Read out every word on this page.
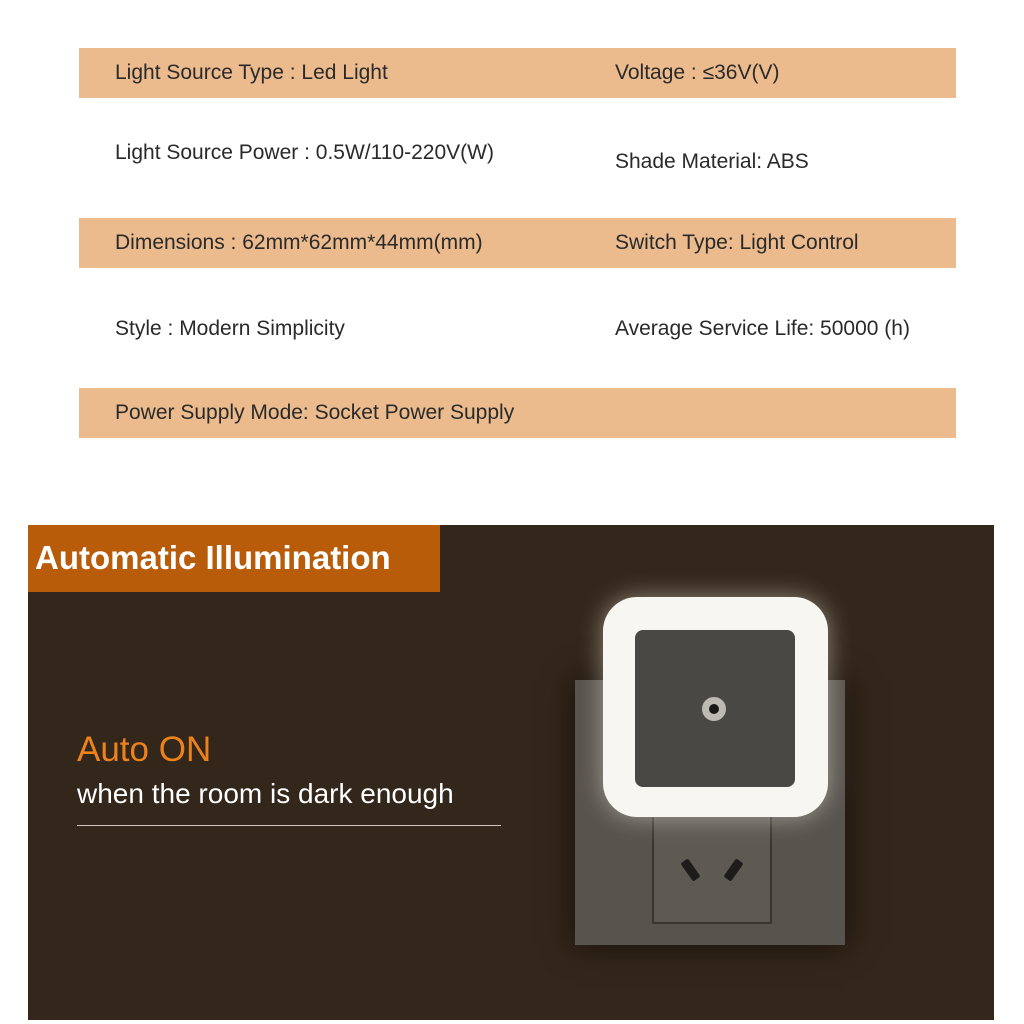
Light Source Type : Led Light	Voltage : ≤36V(V)
Light Source Power : 0.5W/110-220V(W)	Shade Material: ABS
Dimensions : 62mm*62mm*44mm(mm)	Switch Type: Light Control
Style : Modern Simplicity	Average Service Life: 50000 (h)
Power Supply Mode: Socket Power Supply
Automatic Illumination
Auto ON
when the room is dark enough
